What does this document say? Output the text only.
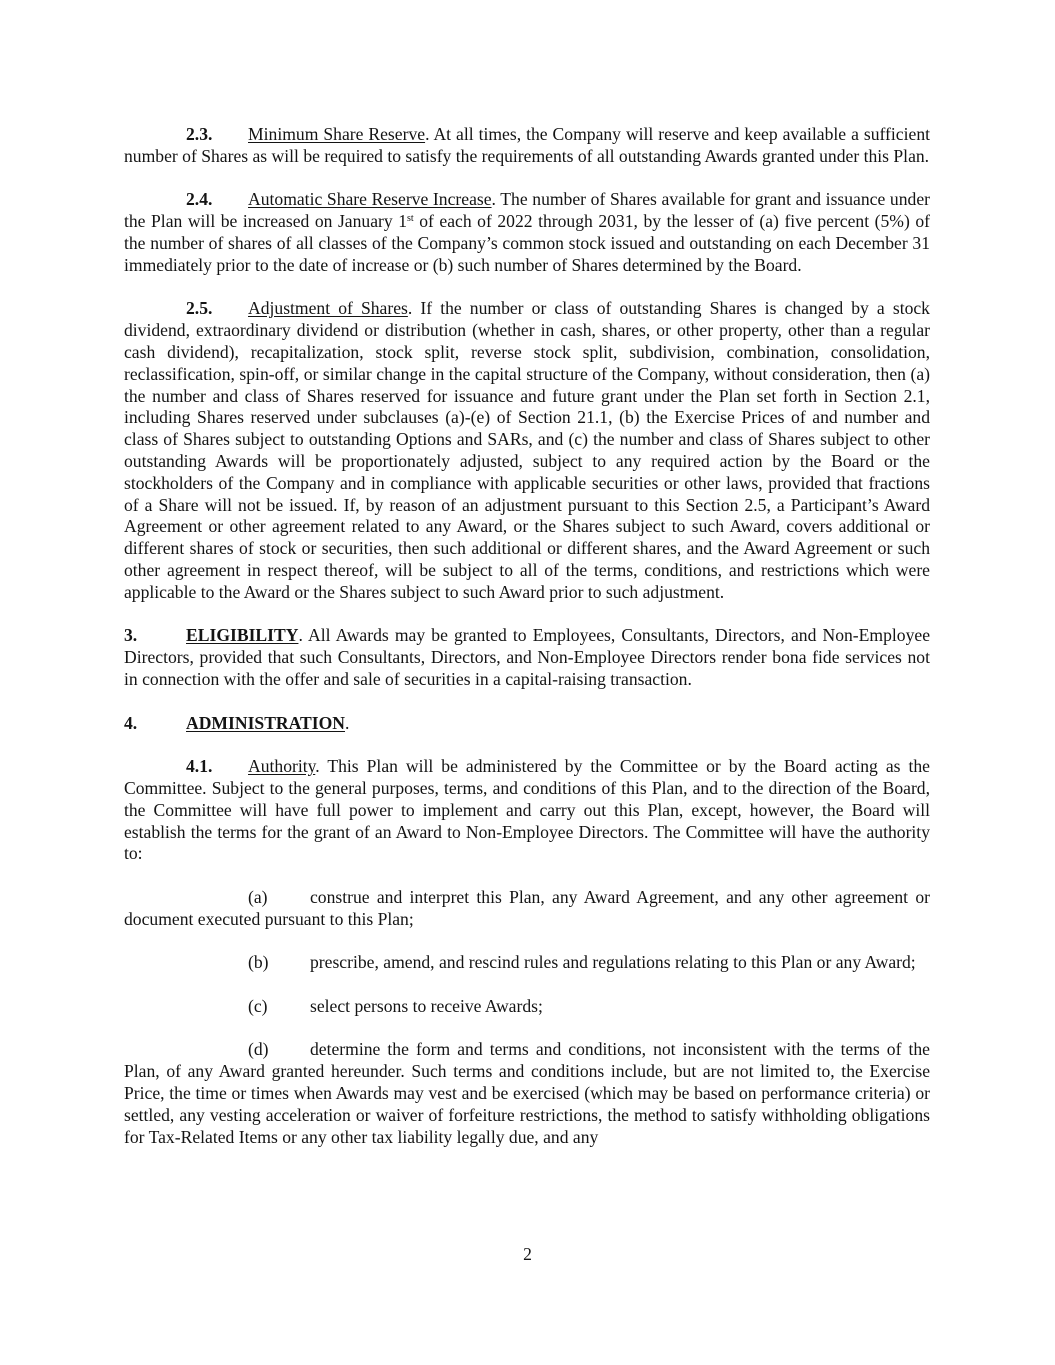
2.3. Minimum Share Reserve. At all times, the Company will reserve and keep available a sufficient number of Shares as will be required to satisfy the requirements of all outstanding Awards granted under this Plan.

2.4. Automatic Share Reserve Increase. The number of Shares available for grant and issuance under the Plan will be increased on January 1st of each of 2022 through 2031, by the lesser of (a) five percent (5%) of the number of shares of all classes of the Company’s common stock issued and outstanding on each December 31 immediately prior to the date of increase or (b) such number of Shares determined by the Board.

2.5. Adjustment of Shares. If the number or class of outstanding Shares is changed by a stock dividend, extraordinary dividend or distribution (whether in cash, shares, or other property, other than a regular cash dividend), recapitalization, stock split, reverse stock split, subdivision, combination, consolidation, reclassification, spin-off, or similar change in the capital structure of the Company, without consideration, then (a) the number and class of Shares reserved for issuance and future grant under the Plan set forth in Section 2.1, including Shares reserved under subclauses (a)-(e) of Section 21.1, (b) the Exercise Prices of and number and class of Shares subject to outstanding Options and SARs, and (c) the number and class of Shares subject to other outstanding Awards will be proportionately adjusted, subject to any required action by the Board or the stockholders of the Company and in compliance with applicable securities or other laws, provided that fractions of a Share will not be issued. If, by reason of an adjustment pursuant to this Section 2.5, a Participant’s Award Agreement or other agreement related to any Award, or the Shares subject to such Award, covers additional or different shares of stock or securities, then such additional or different shares, and the Award Agreement or such other agreement in respect thereof, will be subject to all of the terms, conditions, and restrictions which were applicable to the Award or the Shares subject to such Award prior to such adjustment.

3.	ELIGIBILITY. All Awards may be granted to Employees, Consultants, Directors, and Non-Employee Directors, provided that such Consultants, Directors, and Non-Employee Directors render bona fide services not in connection with the offer and sale of securities in a capital-raising transaction.

4.	ADMINISTRATION.

4.1. Authority. This Plan will be administered by the Committee or by the Board acting as the Committee. Subject to the general purposes, terms, and conditions of this Plan, and to the direction of the Board, the Committee will have full power to implement and carry out this Plan, except, however, the Board will establish the terms for the grant of an Award to Non-Employee Directors. The Committee will have the authority to:

(a) construe and interpret this Plan, any Award Agreement, and any other agreement or document executed pursuant to this Plan;

(b) prescribe, amend, and rescind rules and regulations relating to this Plan or any Award;

(c) select persons to receive Awards;

(d) determine the form and terms and conditions, not inconsistent with the terms of the Plan, of any Award granted hereunder. Such terms and conditions include, but are not limited to, the Exercise Price, the time or times when Awards may vest and be exercised (which may be based on performance criteria) or settled, any vesting acceleration or waiver of forfeiture restrictions, the method to satisfy withholding obligations for Tax-Related Items or any other tax liability legally due, and any

2
